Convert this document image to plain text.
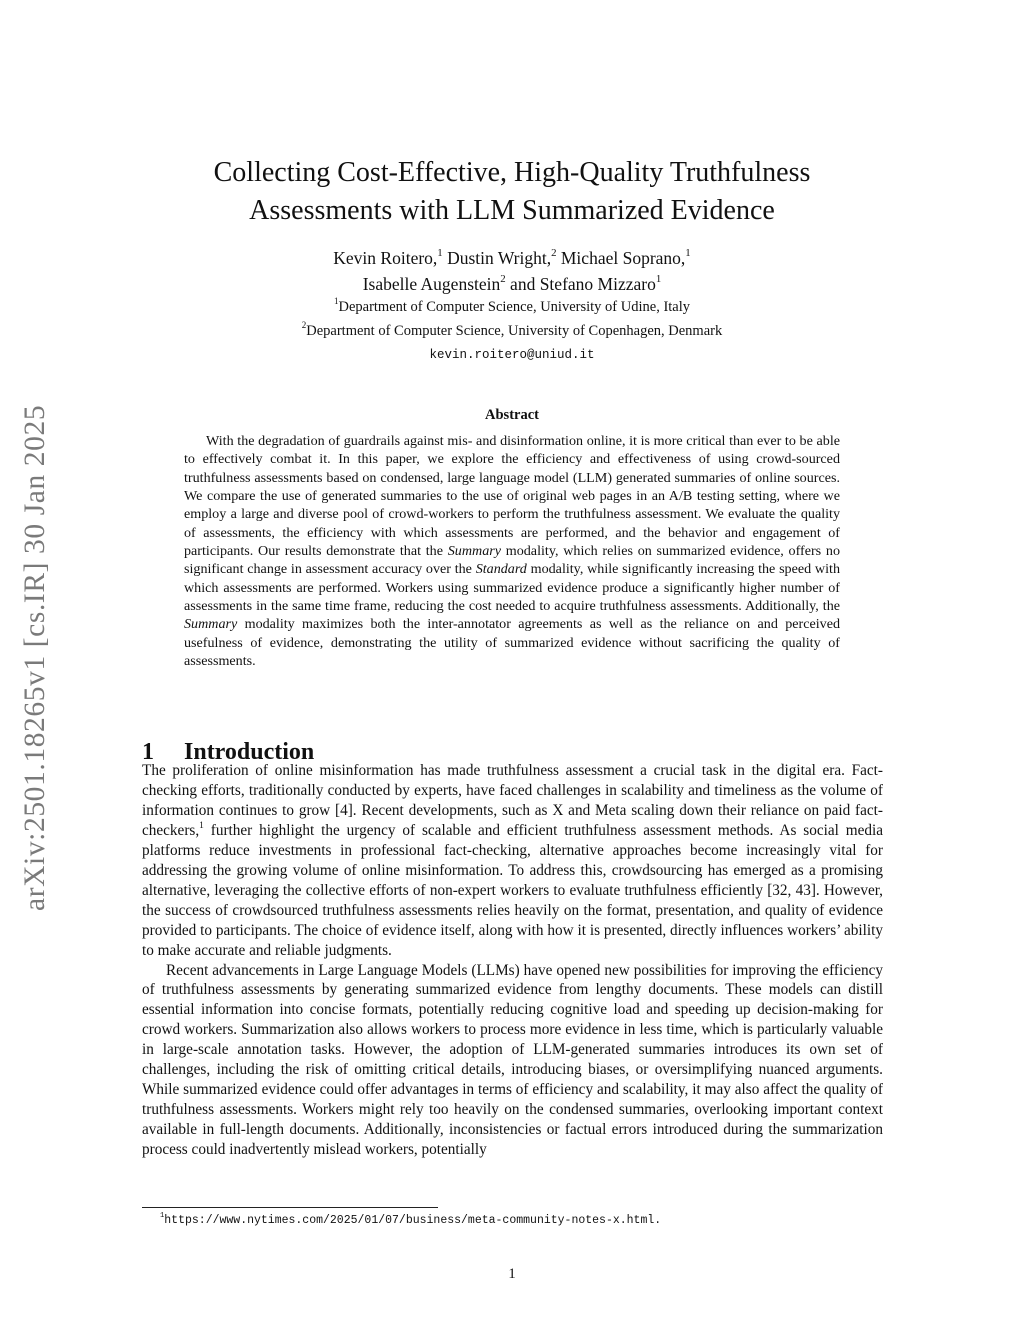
arXiv:2501.18265v1 [cs.IR] 30 Jan 2025
Collecting Cost-Effective, High-Quality Truthfulness
Assessments with LLM Summarized Evidence
Kevin Roitero,$^1$ Dustin Wright,$^2$ Michael Soprano,$^1$
Isabelle Augenstein$^2$ and Stefano Mizzaro$^1$
$^1$Department of Computer Science, University of Udine, Italy
$^2$Department of Computer Science, University of Copenhagen, Denmark
kevin.roitero@uniud.it
Abstract
With the degradation of guardrails against mis- and disinformation online, it is more critical than ever to be able to effectively combat it. In this paper, we explore the efficiency and effectiveness of using crowd-sourced truthfulness assessments based on condensed, large language model (LLM) generated summaries of online sources. We compare the use of generated summaries to the use of original web pages in an A/B testing setting, where we employ a large and diverse pool of crowd-workers to perform the truthfulness assessment. We evaluate the quality of assessments, the efficiency with which assessments are performed, and the behavior and engagement of participants. Our results demonstrate that the Summary modality, which relies on summarized evidence, offers no significant change in assessment accuracy over the Standard modality, while significantly increasing the speed with which assessments are performed. Workers using summarized evidence produce a significantly higher number of assessments in the same time frame, reducing the cost needed to acquire truthfulness assessments. Additionally, the Summary modality maximizes both the inter-annotator agreements as well as the reliance on and perceived usefulness of evidence, demonstrating the utility of summarized evidence without sacrificing the quality of assessments.
1 Introduction

The proliferation of online misinformation has made truthfulness assessment a crucial task in the digital era. Fact-checking efforts, traditionally conducted by experts, have faced challenges in scalability and timeliness as the volume of information continues to grow [4]. Recent developments, such as X and Meta scaling down their reliance on paid fact-checkers,$^1$ further highlight the urgency of scalable and efficient truthfulness assessment methods. As social media platforms reduce investments in professional fact-checking, alternative approaches become increasingly vital for addressing the growing volume of online misinformation. To address this, crowdsourcing has emerged as a promising alternative, leveraging the collective efforts of non-expert workers to evaluate truthfulness efficiently [32, 43]. However, the success of crowdsourced truthfulness assessments relies heavily on the format, presentation, and quality of evidence provided to participants. The choice of evidence itself, along with how it is presented, directly influences workers’ ability to make accurate and reliable judgments.

Recent advancements in Large Language Models (LLMs) have opened new possibilities for improving the efficiency of truthfulness assessments by generating summarized evidence from lengthy documents. These models can distill essential information into concise formats, potentially reducing cognitive load and speeding up decision-making for crowd workers. Summarization also allows workers to process more evidence in less time, which is particularly valuable in large-scale annotation tasks. However, the adoption of LLM-generated summaries introduces its own set of challenges, including the risk of omitting critical details, introducing biases, or oversimplifying nuanced arguments. While summarized evidence could offer advantages in terms of efficiency and scalability, it may also affect the quality of truthfulness assessments. Workers might rely too heavily on the condensed summaries, overlooking important context available in full-length documents. Additionally, inconsistencies or factual errors introduced during the summarization process could inadvertently mislead workers, potentially

$^1$https://www.nytimes.com/2025/01/07/business/meta-community-notes-x.html.
1
